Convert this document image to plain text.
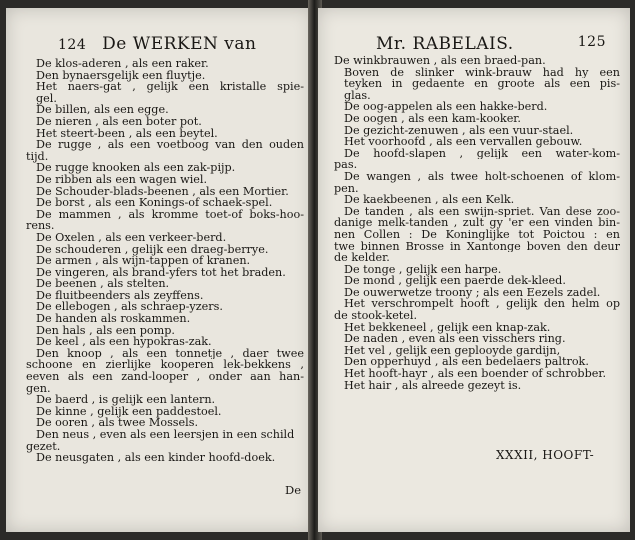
124 De WERKEN van
De klos-aderen , als een raker.
Den bynaersgelijk een fluytje.
Het naers-gat , gelijk een kristalle spie-
gel.
De billen, als een egge.
De nieren , als een boter pot.
Het steert-been , als een beytel.
De rugge , als een voetboog van den ouden
tijd.
De rugge knooken als een zak-pijp.
De ribben als een wagen wiel.
De Schouder-blads-beenen , als een Mortier.
De borst , als een Konings-of schaek-spel.
De mammen , als kromme toet-of boks-hoo-
rens.
De Oxelen , als een verkeer-berd.
De schouderen , gelijk een draeg-berrye.
De armen , als wijn-tappen of kranen.
De vingeren, als brand-yfers tot het braden.
De beenen , als stelten.
De fluitbeenders als zeyffens.
De ellebogen , als schraep-yzers.
De handen als roskammen.
Den hals , als een pomp.
De keel , als een hypokras-zak.
Den knoop , als een tonnetje , daer twee
schoone en zierlijke kooperen lek-bekkens ,
eeven als een zand-looper , onder aan han-
gen.
De baerd , is gelijk een lantern.
De kinne , gelijk een paddestoel.
De ooren , als twee Mossels.
Den neus , even als een leersjen in een schild
gezet.
De neusgaten , als een kinder hoofd-doek.
De
Mr. RABELAIS.	125
De winkbrauwen , als een braed-pan.
Boven de slinker wink-brauw had hy een
teyken in gedaente en groote als een pis-
glas.
De oog-appelen als een hakke-berd.
De oogen , als een kam-kooker.
De gezicht-zenuwen , als een vuur-stael.
Het voorhoofd , als een vervallen gebouw.
De hoofd-slapen , gelijk een water-kom-
pas.
De wangen , als twee holt-schoenen of klom-
pen.
De kaekbeenen , als een Kelk.
De tanden , als een swijn-spriet. Van dese zoo-
danige melk-tanden , zult gy 'er een vinden bin-
nen Collen : De Koninglijke tot Poictou : en
twe binnen Brosse in Xantonge boven den deur
de kelder.
De tonge , gelijk een harpe.
De mond , gelijk een paerde dek-kleed.
De ouwerwetze troony ; als een Eezels zadel.
Het verschrompelt hooft , gelijk den helm op
de stook-ketel.
Het bekkeneel , gelijk een knap-zak.
De naden , even als een visschers ring.
Het vel , gelijk een geplooyde gardijn,
Den opperhuyd , als een bedelaers paltrok.
Het hooft-hayr , als een boender of schrobber.
Het hair , als alreede gezeyt is.
XXXII, HOOFT-
